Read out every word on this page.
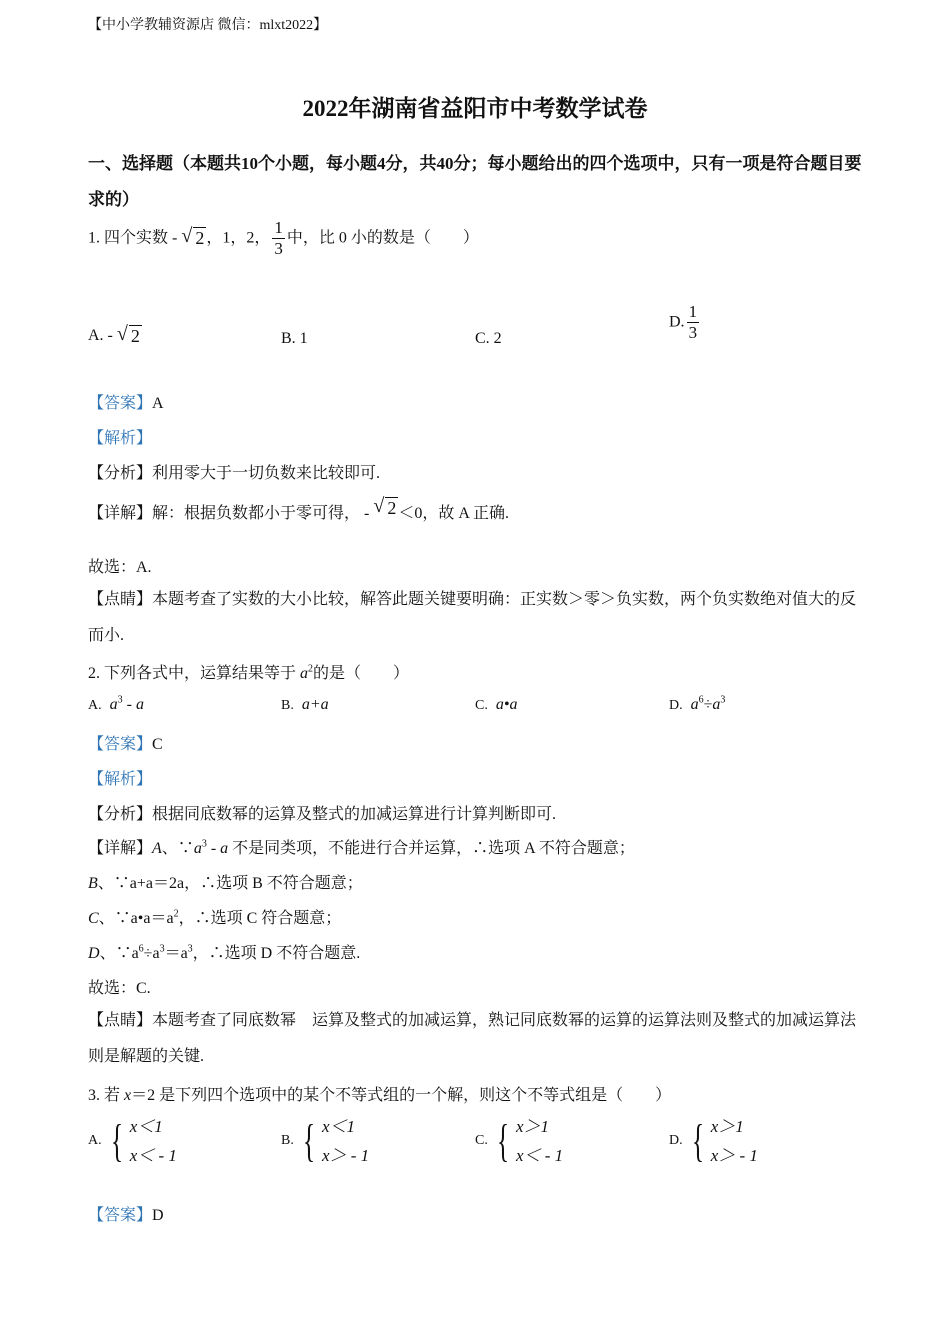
【中小学教辅资源店 微信：mlxt2022】
2022年湖南省益阳市中考数学试卷
一、选择题（本题共10个小题，每小题4分，共40分；每小题给出的四个选项中，只有一项是符合题目要求的）
1. 四个实数 - √ 2 ，1，2， $\frac{1}{3}$ 中，比 0 小的数是（　　）
A. - √ 2	B. 1	C. 2
D. $\frac{1}{3}$
【答案】A
【解析】
【分析】利用零大于一切负数来比较即可.
【详解】解：根据负数都小于零可得， - √ 2 ＜0，故 A 正确.
故选：A.
【点睛】本题考查了实数的大小比较，解答此题关键要明确：正实数＞零＞负实数，两个负实数绝对值大的反而小.
2. 下列各式中，运算结果等于 $a^2$的是（　　）
A. $a^3$ - a	B. a+a	C. a•a	D. $a^6\div a^3$
【答案】C
【解析】
【分析】根据同底数幂的运算及整式的加减运算进行计算判断即可.
【详解】A、$\because a^3$ - a 不是同类项，不能进行合并运算，∴选项 A 不符合题意；
B、∵a+a＝2a，∴选项 B 不符合题意；
C、$\because a•a=a^2$，∴选项 C 符合题意；
D、$\because a^6\div a^3=a^3$，∴选项 D 不符合题意.
故选：C.
【点睛】本题考查了同底数幂　运算及整式的加减运算，熟记同底数幂的运算的运算法则及整式的加减运算法则是解题的关键.
3. 若 x＝2 是下列四个选项中的某个不等式组的一个解，则这个不等式组是（　　）
A.
{ x＜1
x＜ - 1
B.
{ x＜1
x＞ - 1
C.
{ x＞1
x＜ - 1
D.
{ x＞1
x＞ - 1
【答案】D
